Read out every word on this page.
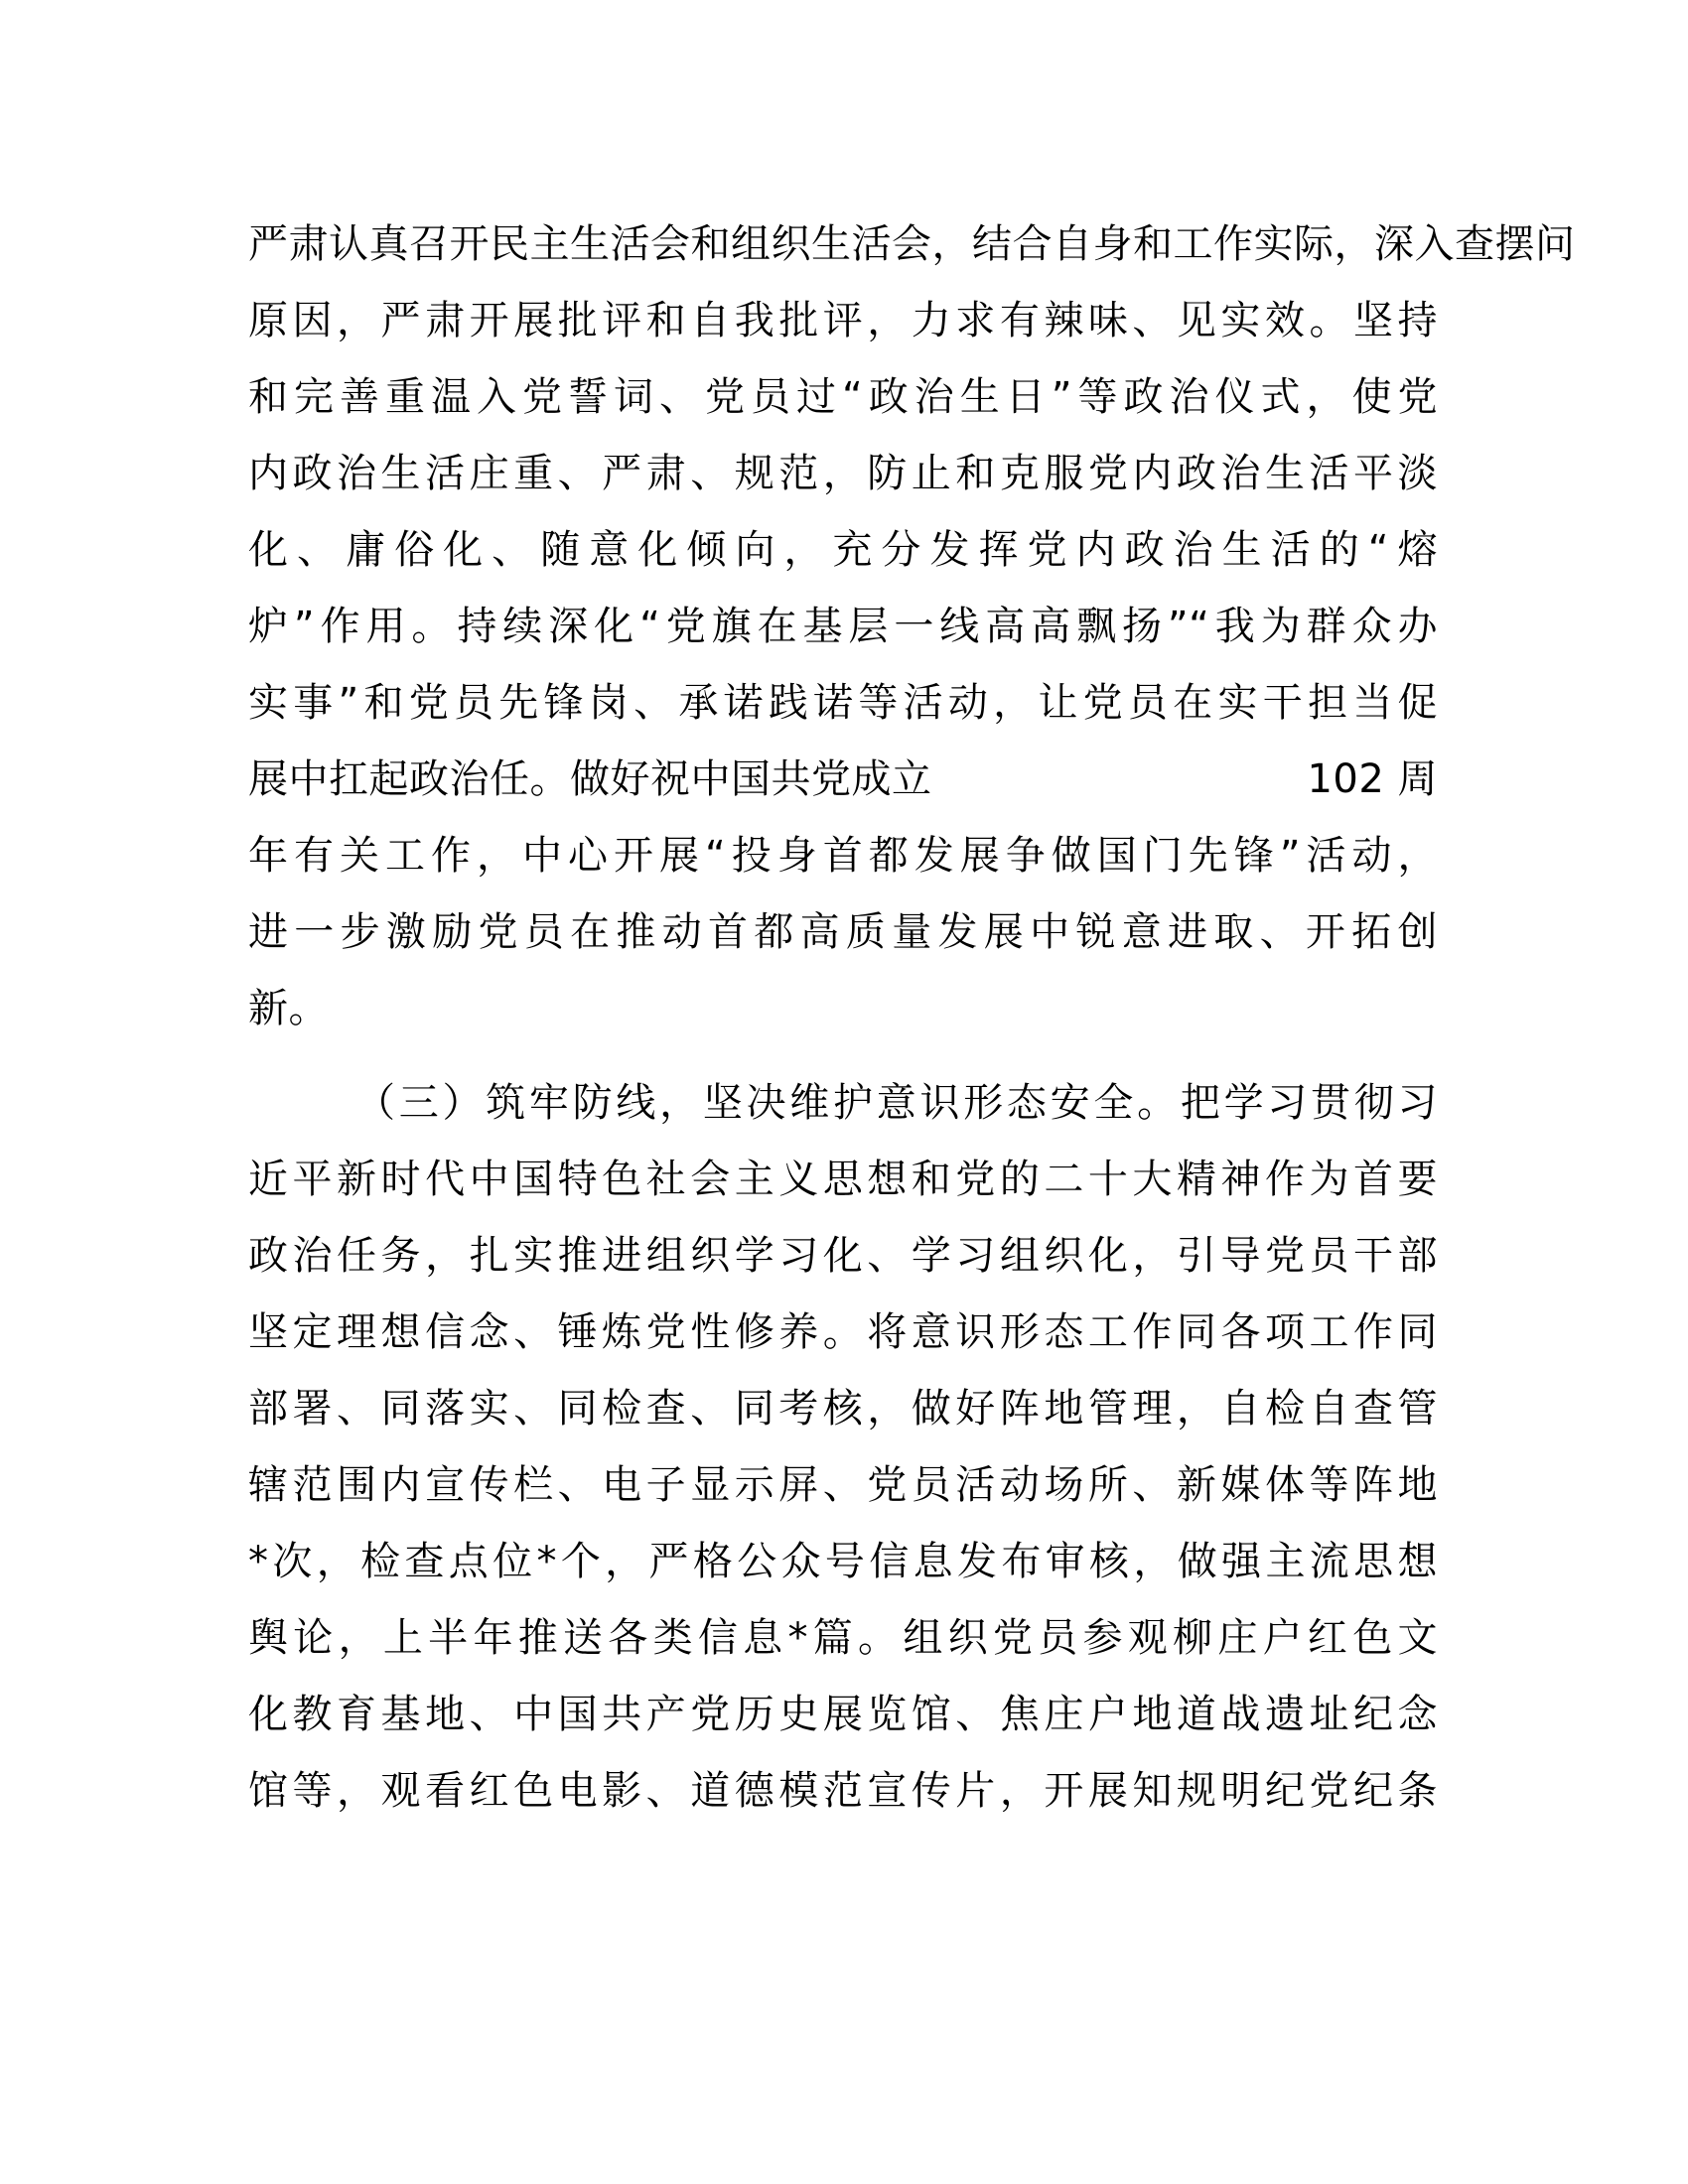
严肃认真召开民主生活会和组织生活会，结合自身和工作实际，深入查摆问
原因，严肃开展批评和自我批评，力求有辣味、见实效。坚持
和完善重温入党誓词、党员过“政治生日”等政治仪式，使党
内政治生活庄重、严肃、规范，防止和克服党内政治生活平淡
化、庸俗化、随意化倾向，充分发挥党内政治生活的“熔
炉”作用。持续深化“党旗在基层一线高高飘扬”“我为群众办
实事”和党员先锋岗、承诺践诺等活动，让党员在实干担当促
展中扛起政治任。做好祝中国共党成立	102 周
年有关工作，中心开展“投身首都发展争做国门先锋”活动，
进一步激励党员在推动首都高质量发展中锐意进取、开拓创
新。
（三）筑牢防线，坚决维护意识形态安全。把学习贯彻习
近平新时代中国特色社会主义思想和党的二十大精神作为首要
政治任务，扎实推进组织学习化、学习组织化，引导党员干部
坚定理想信念、锤炼党性修养。将意识形态工作同各项工作同
部署、同落实、同检查、同考核，做好阵地管理，自检自查管
辖范围内宣传栏、电子显示屏、党员活动场所、新媒体等阵地
*次，检查点位*个，严格公众号信息发布审核，做强主流思想
舆论，上半年推送各类信息*篇。组织党员参观柳庄户红色文
化教育基地、中国共产党历史展览馆、焦庄户地道战遗址纪念
馆等，观看红色电影、道德模范宣传片，开展知规明纪党纪条
